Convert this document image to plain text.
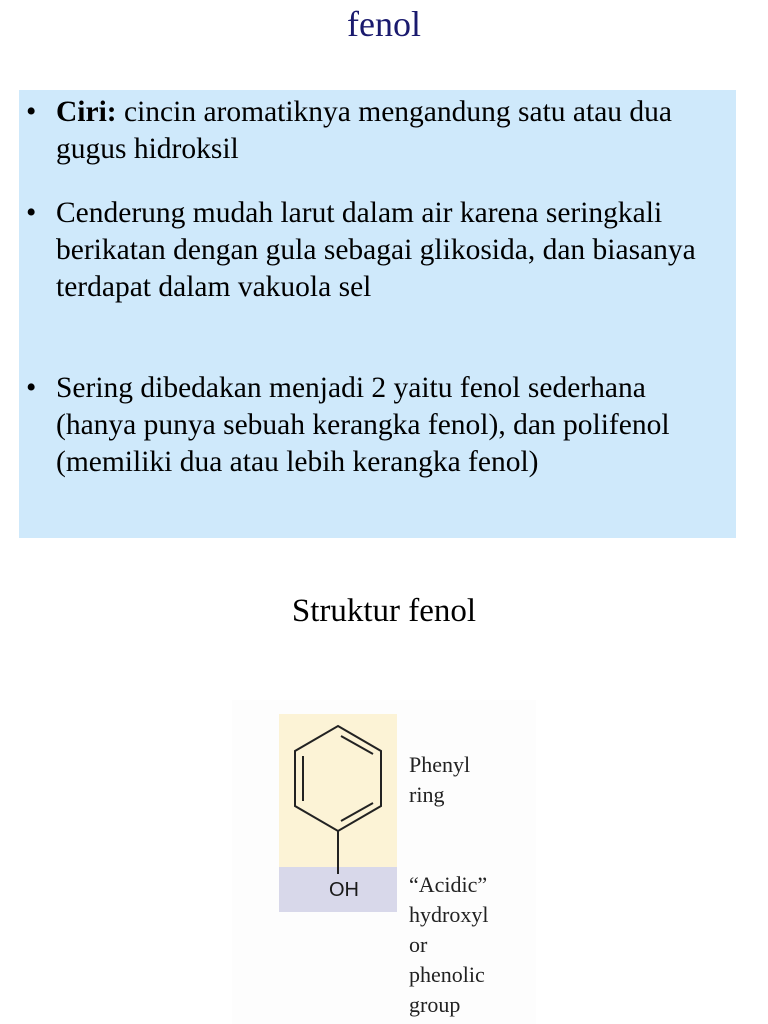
fenol
• Ciri: cincin aromatiknya mengandung satu atau dua gugus hidroksil
• Cenderung mudah larut dalam air karena seringkali berikatan dengan gula sebagai glikosida, dan biasanya terdapat dalam vakuola sel
• Sering dibedakan menjadi 2 yaitu fenol sederhana (hanya punya sebuah kerangka fenol), dan polifenol (memiliki dua atau lebih kerangka fenol)
Struktur fenol
OH
Phenyl
ring
“Acidic”
hydroxyl
or
phenolic
group
